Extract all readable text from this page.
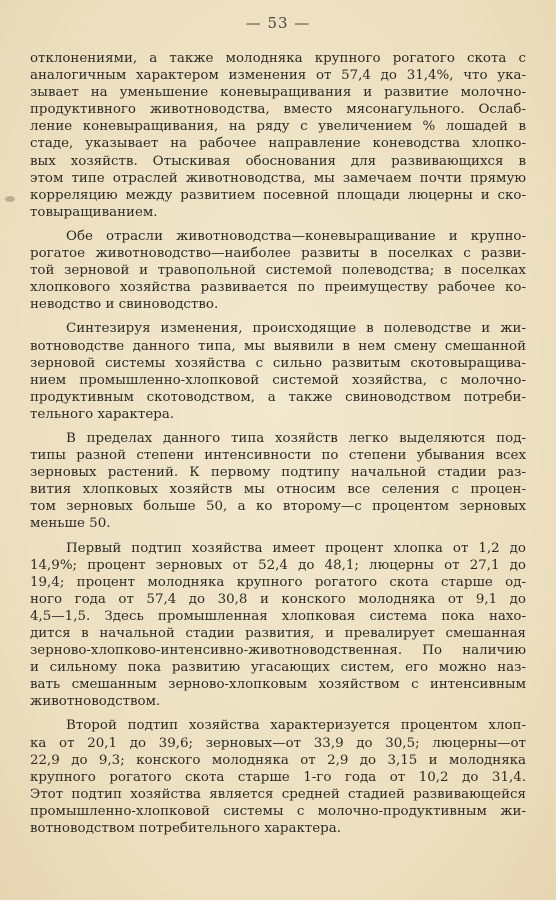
— 53 —

отклонениями, а также молодняка крупного рогатого скота с
аналогичным характером изменения от 57,4 до 31,4%, что ука-
зывает на уменьшение коневыращивания и развитие молочно-
продуктивного животноводства, вместо мясонагульного. Ослаб-
ление коневыращивания, на ряду с увеличением % лошадей в
стаде, указывает на рабочее направление коневодства хлопко-
вых хозяйств. Отыскивая обоснования для развивающихся в
этом типе отраслей животноводства, мы замечаем почти прямую
корреляцию между развитием посевной площади люцерны и ско-
товыращиванием.

Обе отрасли животноводства—коневыращивание и крупно-
рогатое животноводство—наиболее развиты в поселках с разви-
той зерновой и травопольной системой полеводства; в поселках
хлопкового хозяйства развивается по преимуществу рабочее ко-
неводство и свиноводство.

Синтезируя изменения, происходящие в полеводстве и жи-
вотноводстве данного типа, мы выявили в нем смену смешанной
зерновой системы хозяйства с сильно развитым скотовыращива-
нием промышленно-хлопковой системой хозяйства, с молочно-
продуктивным скотоводством, а также свиноводством потреби-
тельного характера.

В пределах данного типа хозяйств легко выделяются под-
типы разной степени интенсивности по степени убывания всех
зерновых растений. К первому подтипу начальной стадии раз-
вития хлопковых хозяйств мы относим все селения с процен-
том зерновых больше 50, а ко второму—с процентом зерновых
меньше 50.

Первый подтип хозяйства имеет процент хлопка от 1,2 до
14,9%; процент зерновых от 52,4 до 48,1; люцерны от 27,1 до
19,4; процент молодняка крупного рогатого скота старше од-
ного года от 57,4 до 30,8 и конского молодняка от 9,1 до
4,5—1,5. Здесь промышленная хлопковая система пока нахо-
дится в начальной стадии развития, и превалирует смешанная
зерново-хлопково-интенсивно-животноводственная. По наличию
и сильному пока развитию угасающих систем, его можно наз-
вать смешанным зерново-хлопковым хозяйством с интенсивным
животноводством.

Второй подтип хозяйства характеризуется процентом хлоп-
ка от 20,1 до 39,6; зерновых—от 33,9 до 30,5; люцерны—от
22,9 до 9,3; конского молодняка от 2,9 до 3,15 и молодняка
крупного рогатого скота старше 1-го года от 10,2 до 31,4.
Этот подтип хозяйства является средней стадией развивающейся
промышленно-хлопковой системы с молочно-продуктивным жи-
вотноводством потребительного характера.
